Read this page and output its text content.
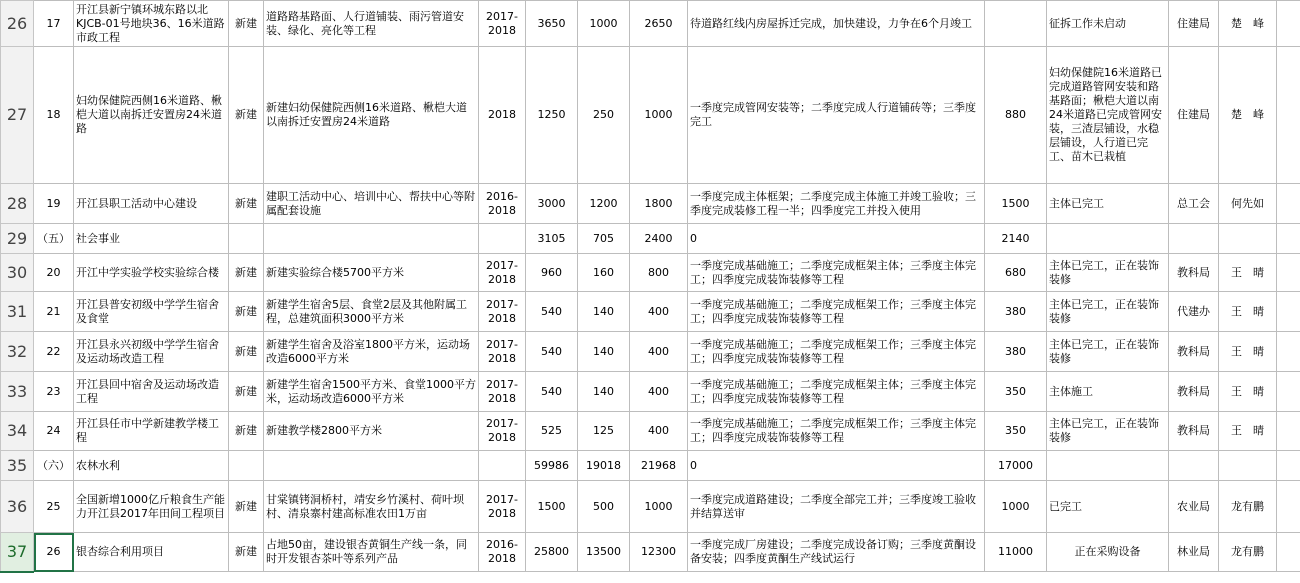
26	17	开江县新宁镇环城东路以北KJCB-01号地块36、16米道路市政工程	新建	道路路基路面、人行道铺装、雨污管道安装、绿化、亮化等工程	2017-2018	3650	1000	2650	待道路红线内房屋拆迁完成，加快建设，力争在6个月竣工		征拆工作未启动	住建局	楚　峰	
27	18	妇幼保健院西侧16米道路、楸桤大道以南拆迁安置房24米道路	新建	新建妇幼保健院西侧16米道路、楸桤大道以南拆迁安置房24米道路	2018	1250	250	1000	一季度完成管网安装等；二季度完成人行道铺砖等；三季度完工	880	妇幼保健院16米道路已完成道路管网安装和路基路面；楸桤大道以南24米道路已完成管网安装，三渣层铺设，水稳层铺设，人行道已完工、苗木已栽植	住建局	楚　峰	
28	19	开江县职工活动中心建设	新建	建职工活动中心、培训中心、帮扶中心等附属配套设施	2016-2018	3000	1200	1800	一季度完成主体框架；二季度完成主体施工并竣工验收；三季度完成装修工程一半；四季度完工并投入使用	1500	主体已完工	总工会	何先如	
29	（五）	社会事业				3105	705	2400	0	2140				
30	20	开江中学实验学校实验综合楼	新建	新建实验综合楼5700平方米	2017-2018	960	160	800	一季度完成基础施工；二季度完成框架主体；三季度主体完工；四季度完成装饰装修等工程	680	主体已完工，正在装饰装修	教科局	王　晴	
31	21	开江县普安初级中学学生宿舍及食堂	新建	新建学生宿舍5层、食堂2层及其他附属工程，总建筑面积3000平方米	2017-2018	540	140	400	一季度完成基础施工；二季度完成框架工作；三季度主体完工；四季度完成装饰装修等工程	380	主体已完工，正在装饰装修	代建办	王　晴	
32	22	开江县永兴初级中学学生宿舍及运动场改造工程	新建	新建学生宿舍及浴室1800平方米，运动场改造6000平方米	2017-2018	540	140	400	一季度完成基础施工；二季度完成框架工作；三季度主体完工；四季度完成装饰装修等工程	380	主体已完工，正在装饰装修	教科局	王　晴	
33	23	开江县回中宿舍及运动场改造工程	新建	新建学生宿舍1500平方米、食堂1000平方米，运动场改造6000平方米	2017-2018	540	140	400	一季度完成基础施工；二季度完成框架主体；三季度主体完工；四季度完成装饰装修等工程	350	主体施工	教科局	王　晴	
34	24	开江县任市中学新建教学楼工程	新建	新建教学楼2800平方米	2017-2018	525	125	400	一季度完成基础施工；二季度完成框架工作；三季度主体完工；四季度完成装饰装修等工程	350	主体已完工，正在装饰装修	教科局	王　晴	
35	（六）	农林水利				59986	19018	21968	0	17000				
36	25	全国新增1000亿斤粮食生产能力开江县2017年田间工程项目	新建	甘棠镇铐洞桥村，靖安乡竹溪村、荷叶坝村、清泉寨村建高标准农田1万亩	2017-2018	1500	500	1000	一季度完成道路建设；二季度全部完工并；三季度竣工验收并结算送审	1000	已完工	农业局	龙有鹏	
37	26	银杏综合利用项目	新建	占地50亩，建设银杏黄铜生产线一条，同时开发银杏茶叶等系列产品	2016-2018	25800	13500	12300	一季度完成厂房建设；二季度完成设备订购；三季度黄酮设备安装；四季度黄酮生产线试运行	11000	正在采购设备	林业局	龙有鹏	
